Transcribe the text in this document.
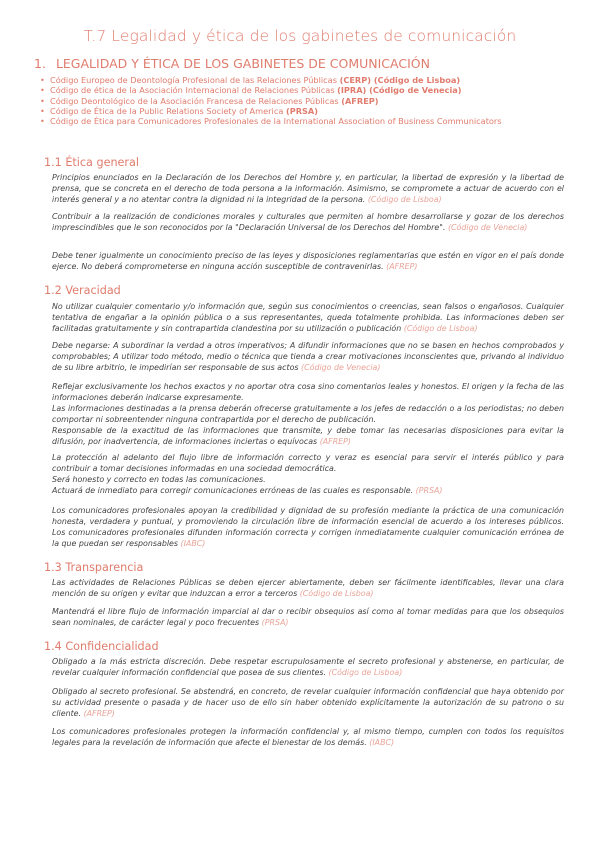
T.7 Legalidad y ética de los gabinetes de comunicación
1. LEGALIDAD Y ÉTICA DE LOS GABINETES DE COMUNICACIÓN
• Código Europeo de Deontología Profesional de las Relaciones Públicas (CERP) (Código de Lisboa)
• Código de ética de la Asociación Internacional de Relaciones Públicas (IPRA) (Código de Venecia)
• Código Deontológico de la Asociación Francesa de Relaciones Públicas (AFREP)
• Código de Ética de la Public Relations Society of America (PRSA)
• Código de Ética para Comunicadores Profesionales de la International Association of Business Communicators
1.1 Ética general

Principios enunciados en la Declaración de los Derechos del Hombre y, en particular, la libertad de expresión y la libertad de prensa, que se concreta en el derecho de toda persona a la información. Asimismo, se compromete a actuar de acuerdo con el interés general y a no atentar contra la dignidad ni la integridad de la persona. (Código de Lisboa)

Contribuir a la realización de condiciones morales y culturales que permiten al hombre desarrollarse y gozar de los derechos imprescindibles que le son reconocidos por la "Declaración Universal de los Derechos del Hombre". (Código de Venecia)

Debe tener igualmente un conocimiento preciso de las leyes y disposiciones reglamentarias que estén en vigor en el país donde ejerce. No deberá comprometerse en ninguna acción susceptible de contravenirlas. (AFREP)

1.2 Veracidad

No utilizar cualquier comentario y/o información que, según sus conocimientos o creencias, sean falsos o engañosos. Cualquier tentativa de engañar a la opinión pública o a sus representantes, queda totalmente prohibida. Las informaciones deben ser facilitadas gratuitamente y sin contrapartida clandestina por su utilización o publicación (Código de Lisboa)

Debe negarse: A subordinar la verdad a otros imperativos; A difundir informaciones que no se basen en hechos comprobados y comprobables; A utilizar todo método, medio o técnica que tienda a crear motivaciones inconscientes que, privando al individuo de su libre arbitrio, le impedirían ser responsable de sus actos (Código de Venecia)

Reflejar exclusivamente los hechos exactos y no aportar otra cosa sino comentarios leales y honestos. El origen y la fecha de las informaciones deberán indicarse expresamente.
Las informaciones destinadas a la prensa deberán ofrecerse gratuitamente a los jefes de redacción o a los periodistas; no deben comportar ni sobreentender ninguna contrapartida por el derecho de publicación.
Responsable de la exactitud de las informaciones que transmite, y debe tomar las necesarias disposiciones para evitar la difusión, por inadvertencia, de informaciones inciertas o equívocas (AFREP)

La protección al adelanto del flujo libre de información correcto y veraz es esencial para servir el interés público y para contribuir a tomar decisiones informadas en una sociedad democrática.
Será honesto y correcto en todas las comunicaciones.
Actuará de inmediato para corregir comunicaciones erróneas de las cuales es responsable. (PRSA)

Los comunicadores profesionales apoyan la credibilidad y dignidad de su profesión mediante la práctica de una comunicación honesta, verdadera y puntual, y promoviendo la circulación libre de información esencial de acuerdo a los intereses públicos. Los comunicadores profesionales difunden información correcta y corrigen inmediatamente cualquier comunicación errónea de la que puedan ser responsables (IABC)

1.3 Transparencia

Las actividades de Relaciones Públicas se deben ejercer abiertamente, deben ser fácilmente identificables, llevar una clara mención de su origen y evitar que induzcan a error a terceros (Código de Lisboa)

Mantendrá el libre flujo de información imparcial al dar o recibir obsequios así como al tomar medidas para que los obsequios sean nominales, de carácter legal y poco frecuentes (PRSA)

1.4 Confidencialidad

Obligado a la más estricta discreción. Debe respetar escrupulosamente el secreto profesional y abstenerse, en particular, de revelar cualquier información confidencial que posea de sus clientes. (Código de Lisboa)

Obligado al secreto profesional. Se abstendrá, en concreto, de revelar cualquier información confidencial que haya obtenido por su actividad presente o pasada y de hacer uso de ello sin haber obtenido explícitamente la autorización de su patrono o su cliente. (AFREP)

Los comunicadores profesionales protegen la información confidencial y, al mismo tiempo, cumplen con todos los requisitos legales para la revelación de información que afecte el bienestar de los demás. (IABC)
